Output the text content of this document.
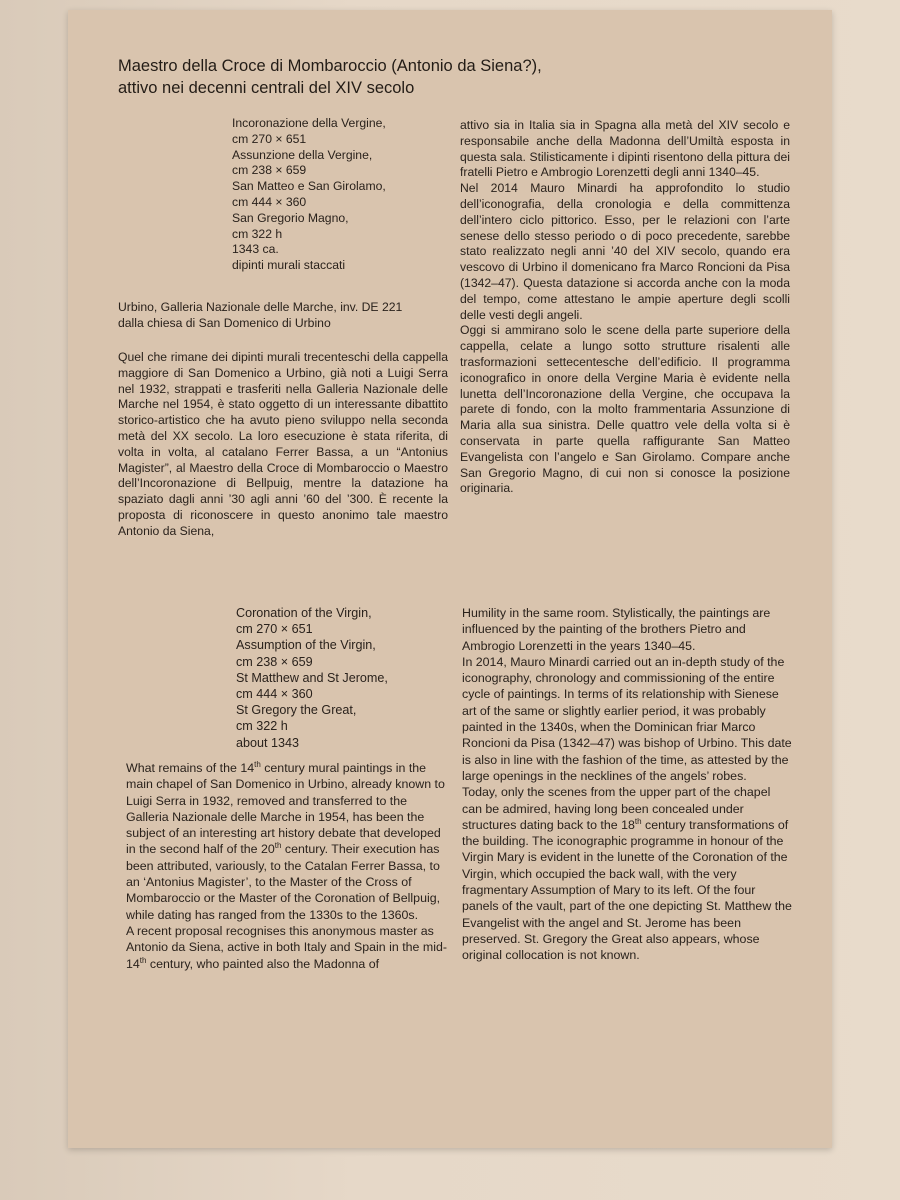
Maestro della Croce di Mombaroccio (Antonio da Siena?),
attivo nei decenni centrali del XIV secolo
Incoronazione della Vergine,
cm 270 × 651
Assunzione della Vergine,
cm 238 × 659
San Matteo e San Girolamo,
cm 444 × 360
San Gregorio Magno,
cm 322 h
1343 ca.
dipinti murali staccati
Urbino, Galleria Nazionale delle Marche, inv. DE 221
dalla chiesa di San Domenico di Urbino

Quel che rimane dei dipinti murali trecenteschi della cappella maggiore di San Domenico a Urbino, già noti a Luigi Serra nel 1932, strappati e trasferiti nella Galleria Nazionale delle Marche nel 1954, è stato oggetto di un interessante dibattito storico-artistico che ha avuto pieno sviluppo nella seconda metà del XX secolo. La loro esecuzione è stata riferita, di volta in volta, al catalano Ferrer Bassa, a un “Antonius Magister”, al Maestro della Croce di Mombaroccio o Maestro dell’Incoronazione di Bellpuig, mentre la datazione ha spaziato dagli anni ’30 agli anni ’60 del ’300. È recente la proposta di riconoscere in questo anonimo tale maestro Antonio da Siena,

attivo sia in Italia sia in Spagna alla metà del XIV secolo e responsabile anche della Madonna dell’Umiltà esposta in questa sala. Stilisticamente i dipinti risentono della pittura dei fratelli Pietro e Ambrogio Lorenzetti degli anni 1340–45.

Nel 2014 Mauro Minardi ha approfondito lo studio dell’iconografia, della cronologia e della committenza dell’intero ciclo pittorico. Esso, per le relazioni con l’arte senese dello stesso periodo o di poco precedente, sarebbe stato realizzato negli anni ’40 del XIV secolo, quando era vescovo di Urbino il domenicano fra Marco Roncioni da Pisa (1342–47). Questa datazione si accorda anche con la moda del tempo, come attestano le ampie aperture degli scolli delle vesti degli angeli.

Oggi si ammirano solo le scene della parte superiore della cappella, celate a lungo sotto strutture risalenti alle trasformazioni settecentesche dell’edificio. Il programma iconografico in onore della Vergine Maria è evidente nella lunetta dell’Incoronazione della Vergine, che occupava la parete di fondo, con la molto frammentaria Assunzione di Maria alla sua sinistra. Delle quattro vele della volta si è conservata in parte quella raffigurante San Matteo Evangelista con l’angelo e San Girolamo. Compare anche San Gregorio Magno, di cui non si conosce la posizione originaria.

Coronation of the Virgin,
cm 270 × 651
Assumption of the Virgin,
cm 238 × 659
St Matthew and St Jerome,
cm 444 × 360
St Gregory the Great,
cm 322 h
about 1343

What remains of the 14th century mural paintings in the main chapel of San Domenico in Urbino, already known to Luigi Serra in 1932, removed and transferred to the Galleria Nazionale delle Marche in 1954, has been the subject of an interesting art history debate that developed in the second half of the 20th century. Their execution has been attributed, variously, to the Catalan Ferrer Bassa, to an ‘Antonius Magister’, to the Master of the Cross of Mombaroccio or the Master of the Coronation of Bellpuig, while dating has ranged from the 1330s to the 1360s.

A recent proposal recognises this anonymous master as Antonio da Siena, active in both Italy and Spain in the mid-14th century, who painted also the Madonna of

Humility in the same room. Stylistically, the paintings are influenced by the painting of the brothers Pietro and Ambrogio Lorenzetti in the years 1340–45.

In 2014, Mauro Minardi carried out an in-depth study of the iconography, chronology and commissioning of the entire cycle of paintings. In terms of its relationship with Sienese art of the same or slightly earlier period, it was probably painted in the 1340s, when the Dominican friar Marco Roncioni da Pisa (1342–47) was bishop of Urbino. This date is also in line with the fashion of the time, as attested by the large openings in the necklines of the angels’ robes.

Today, only the scenes from the upper part of the chapel can be admired, having long been concealed under structures dating back to the 18th century transformations of the building. The iconographic programme in honour of the Virgin Mary is evident in the lunette of the Coronation of the Virgin, which occupied the back wall, with the very fragmentary Assumption of Mary to its left. Of the four panels of the vault, part of the one depicting St. Matthew the Evangelist with the angel and St. Jerome has been preserved. St. Gregory the Great also appears, whose original collocation is not known.
